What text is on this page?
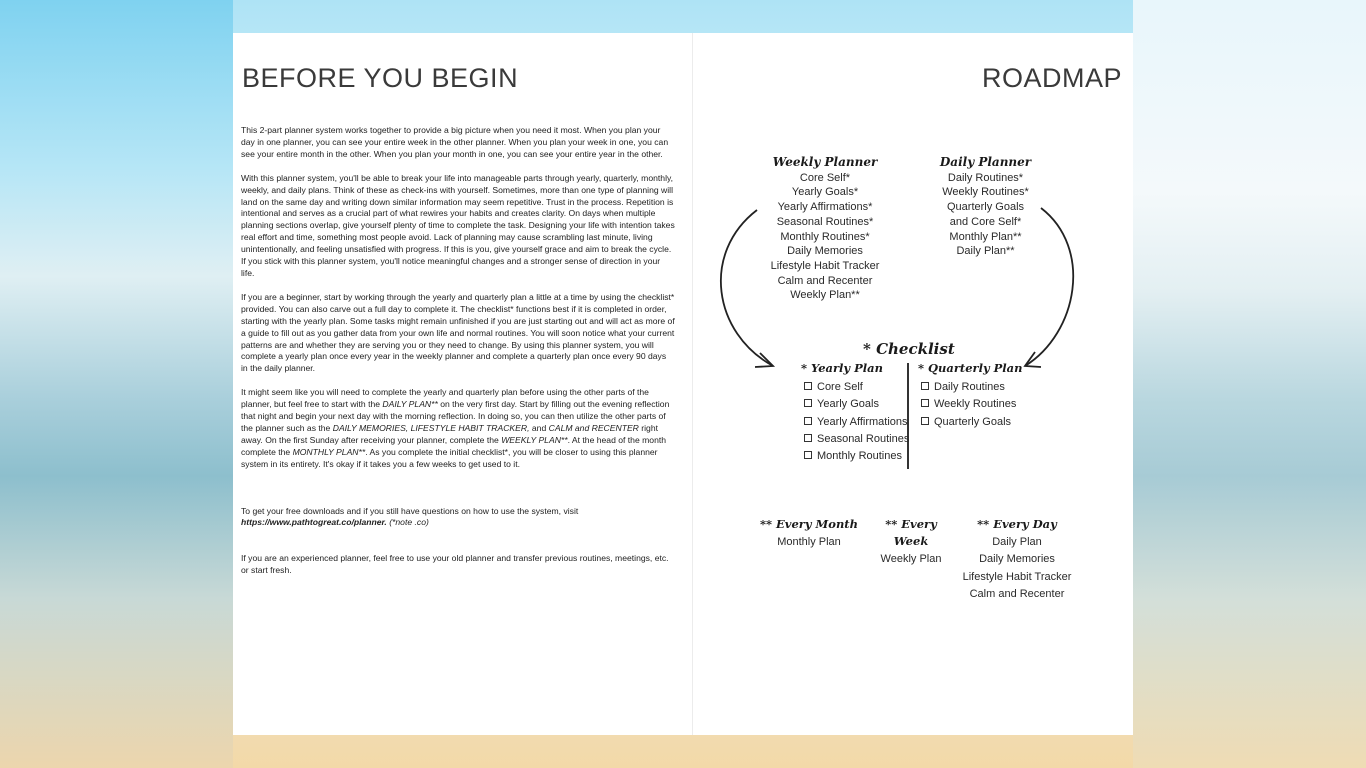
BEFORE YOU BEGIN

This 2-part planner system works together to provide a big picture when you need it most. When you plan your day in one planner, you can see your entire week in the other planner. When you plan your week in one, you can see your entire month in the other. When you plan your month in one, you can see your entire year in the other.

With this planner system, you'll be able to break your life into manageable parts through yearly, quarterly, monthly, weekly, and daily plans. Think of these as check-ins with yourself. Sometimes, more than one type of planning will land on the same day and writing down similar information may seem repetitive. Trust in the process. Repetition is intentional and serves as a crucial part of what rewires your habits and creates clarity. On days when multiple planning sections overlap, give yourself plenty of time to complete the task. Designing your life with intention takes real effort and time, something most people avoid. Lack of planning may cause scrambling last minute, living unintentionally, and feeling unsatisfied with progress. If this is you, give yourself grace and aim to break the cycle. If you stick with this planner system, you'll notice meaningful changes and a stronger sense of direction in your life.

If you are a beginner, start by working through the yearly and quarterly plan a little at a time by using the checklist* provided. You can also carve out a full day to complete it. The checklist* functions best if it is completed in order, starting with the yearly plan. Some tasks might remain unfinished if you are just starting out and will act as more of a guide to fill out as you gather data from your own life and normal routines. You will soon notice what your current patterns are and whether they are serving you or they need to change. By using this planner system, you will complete a yearly plan once every year in the weekly planner and complete a quarterly plan once every 90 days in the daily planner.

It might seem like you will need to complete the yearly and quarterly plan before using the other parts of the planner, but feel free to start with the DAILY PLAN** on the very first day. Start by filling out the evening reflection that night and begin your next day with the morning reflection. In doing so, you can then utilize the other parts of the planner such as the DAILY MEMORIES, LIFESTYLE HABIT TRACKER, and CALM and RECENTER right away. On the first Sunday after receiving your planner, complete the WEEKLY PLAN**. At the head of the month complete the MONTHLY PLAN**. As you complete the initial checklist*, you will be closer to using this planner system in its entirety. It's okay if it takes you a few weeks to get used to it.

To get your free downloads and if you still have questions on how to use the system, visit
https://www.pathtogreat.co/planner. (*note .co)

If you are an experienced planner, feel free to use your old planner and transfer previous routines, meetings, etc. or start fresh.

ROADMAP
Weekly Planner
Core Self*
Yearly Goals*
Yearly Affirmations*
Seasonal Routines*
Monthly Routines*
Daily Memories
Lifestyle Habit Tracker
Calm and Recenter
Weekly Plan**
Daily Planner
Daily Routines*
Weekly Routines*
Quarterly Goals
and Core Self*
Monthly Plan**
Daily Plan**
* Checklist
* Yearly Plan	* Quarterly Plan
Core Self
Yearly Goals
Yearly Affirmations
Seasonal Routines
Monthly Routines
Daily Routines
Weekly Routines
Quarterly Goals
** Every Month
Monthly Plan
** Every Week
Weekly Plan
** Every Day
Daily Plan
Daily Memories
Lifestyle Habit Tracker
Calm and Recenter
